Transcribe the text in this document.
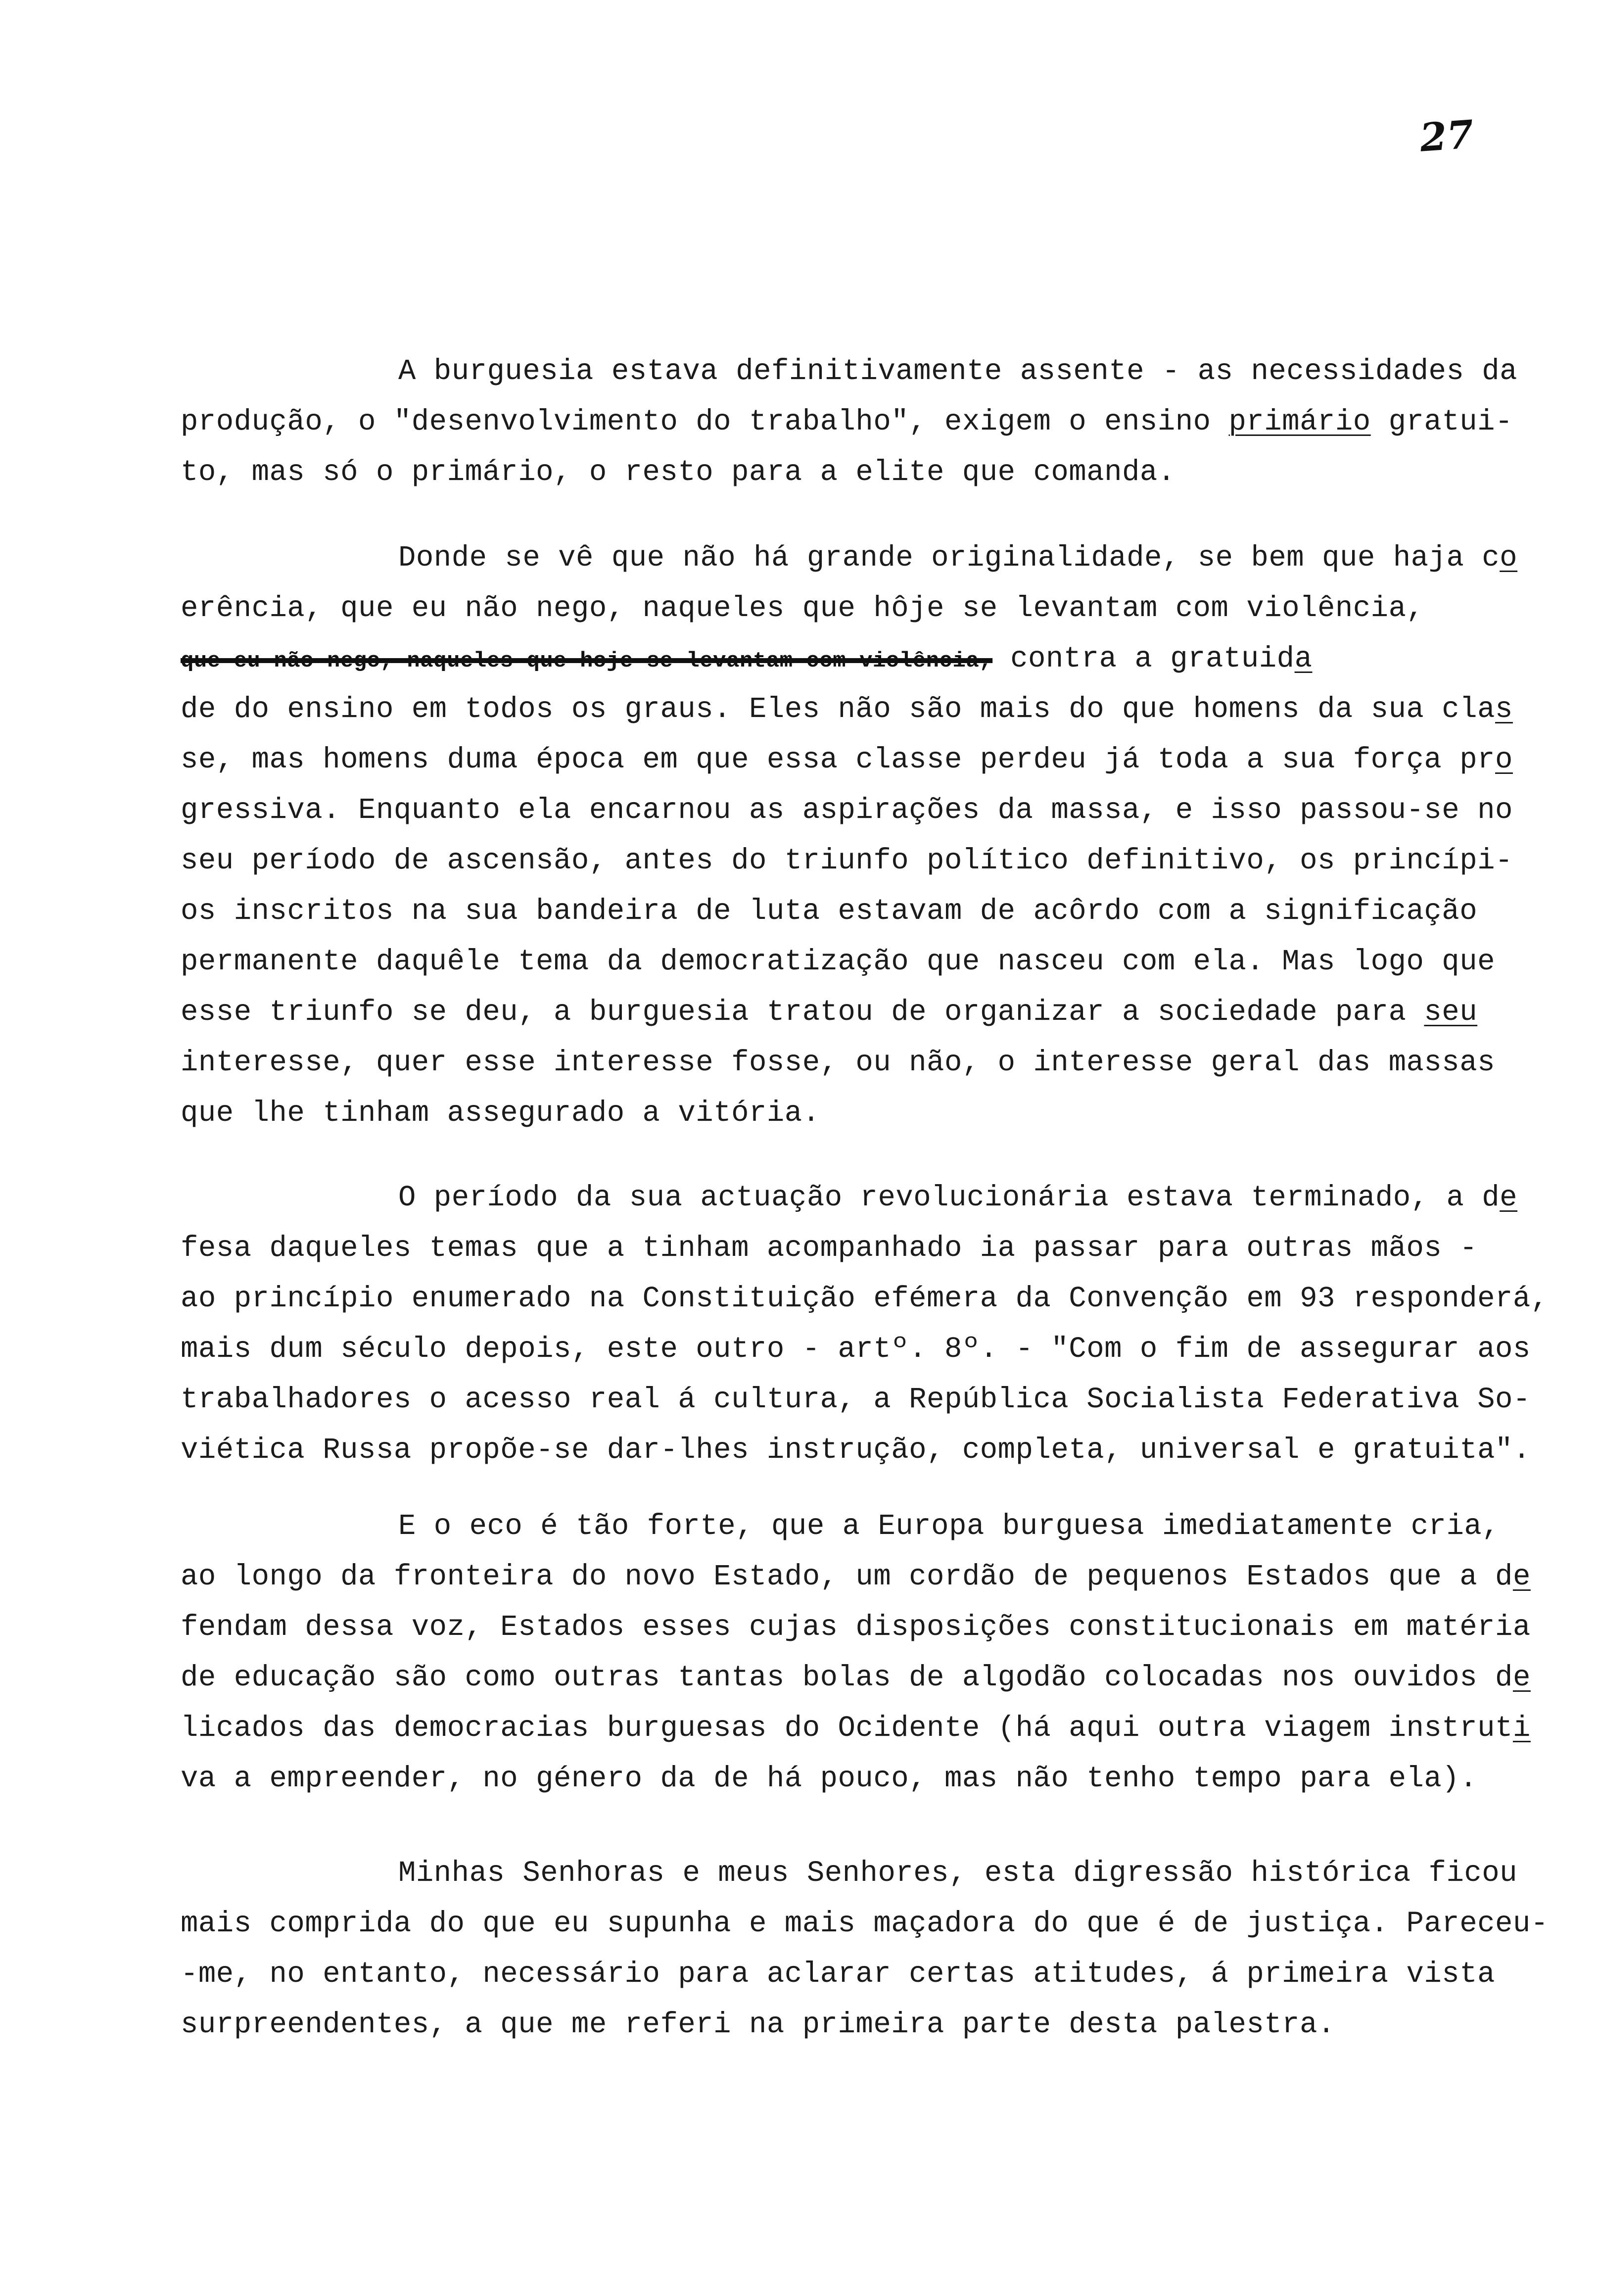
27
A burguesia estava definitivamente assente - as necessidades da
produção, o "desenvolvimento do trabalho", exigem o ensino primário gratui-
to, mas só o primário, o resto para a elite que comanda.
Donde se vê que não há grande originalidade, se bem que haja co
erência, que eu não nego, naqueles que hôje se levantam com violência,
que eu não nego, naqueles que hoje se levantam com violência, contra a gratuida
de do ensino em todos os graus. Eles não são mais do que homens da sua clas
se, mas homens duma época em que essa classe perdeu já toda a sua força pro
gressiva. Enquanto ela encarnou as aspirações da massa, e isso passou-se no
seu período de ascensão, antes do triunfo político definitivo, os princípi-
os inscritos na sua bandeira de luta estavam de acôrdo com a significação
permanente daquêle tema da democratização que nasceu com ela. Mas logo que
esse triunfo se deu, a burguesia tratou de organizar a sociedade para seu
interesse, quer esse interesse fosse, ou não, o interesse geral das massas
que lhe tinham assegurado a vitória.
O período da sua actuação revolucionária estava terminado, a de
fesa daqueles temas que a tinham acompanhado ia passar para outras mãos -
ao princípio enumerado na Constituição efémera da Convenção em 93 responderá,
mais dum século depois, este outro - artº. 8º. - "Com o fim de assegurar aos
trabalhadores o acesso real á cultura, a República Socialista Federativa So-
viética Russa propõe-se dar-lhes instrução, completa, universal e gratuita".
E o eco é tão forte, que a Europa burguesa imediatamente cria,
ao longo da fronteira do novo Estado, um cordão de pequenos Estados que a de
fendam dessa voz, Estados esses cujas disposições constitucionais em matéria
de educação são como outras tantas bolas de algodão colocadas nos ouvidos de
licados das democracias burguesas do Ocidente (há aqui outra viagem instruti
va a empreender, no género da de há pouco, mas não tenho tempo para ela).
Minhas Senhoras e meus Senhores, esta digressão histórica ficou
mais comprida do que eu supunha e mais maçadora do que é de justiça. Pareceu-
-me, no entanto, necessário para aclarar certas atitudes, á primeira vista
surpreendentes, a que me referi na primeira parte desta palestra.
